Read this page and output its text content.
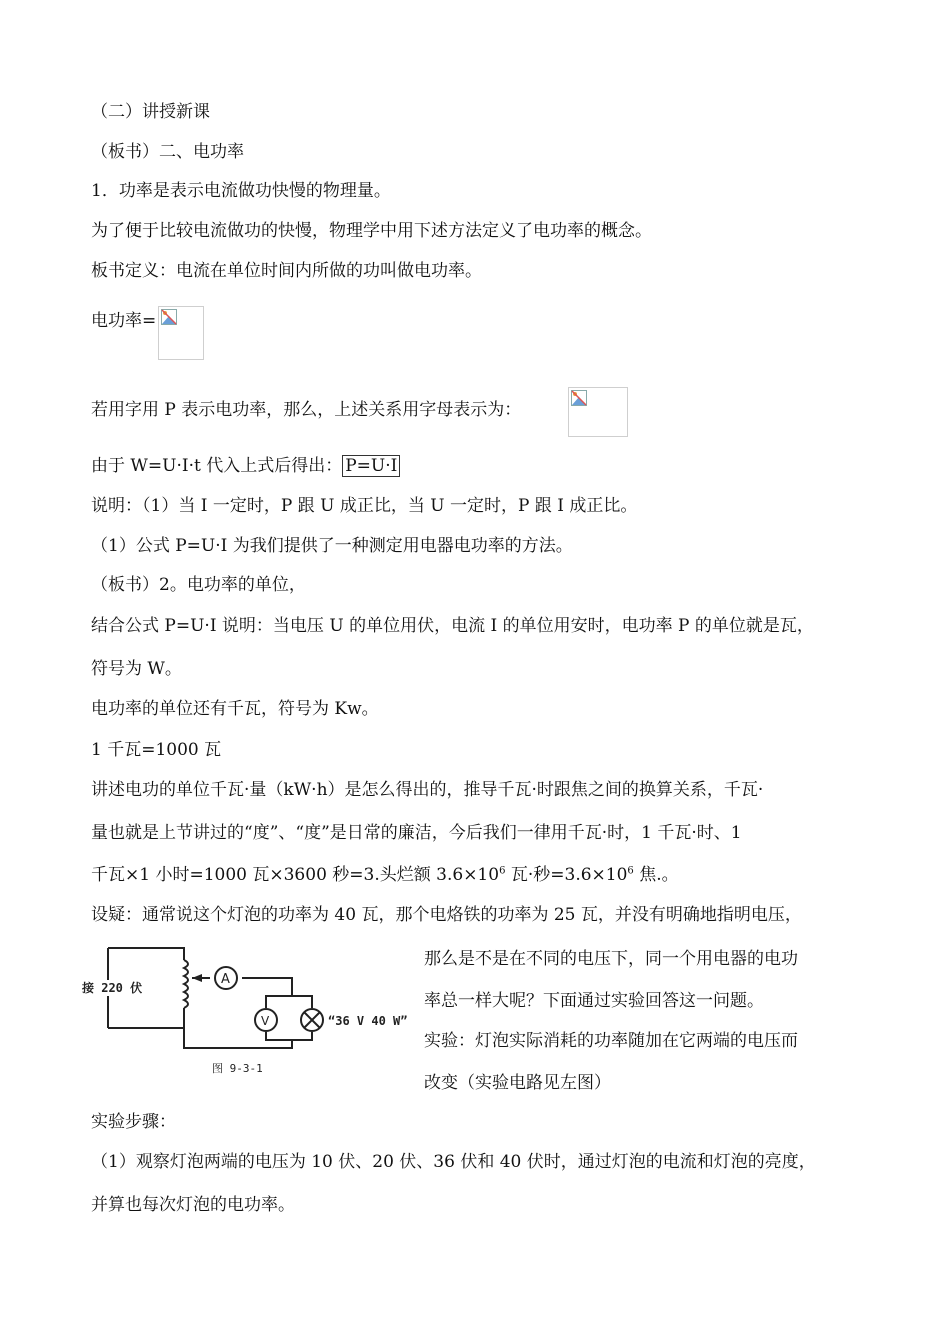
（二）讲授新课
（板书）二、电功率
1．功率是表示电流做功快慢的物理量。
为了便于比较电流做功的快慢，物理学中用下述方法定义了电功率的概念。
板书定义：电流在单位时间内所做的功叫做电功率。
电功率=
若用字用 P 表示电功率，那么，上述关系用字母表示为：
由于 W=U·I·t 代入上式后得出： P=U·I
说明：（1）当 I 一定时，P 跟 U 成正比，当 U 一定时，P 跟 I 成正比。
（1）公式 P=U·I 为我们提供了一种测定用电器电功率的方法。
（板书）2。电功率的单位，
结合公式 P=U·I 说明：当电压 U 的单位用伏，电流 I 的单位用安时，电功率 P 的单位就是瓦，
符号为 W。
电功率的单位还有千瓦，符号为 Kw。
1 千瓦=1000 瓦
讲述电功的单位千瓦·量（kW·h）是怎么得出的，推导千瓦·时跟焦之间的换算关系，千瓦·
量也就是上节讲过的“度”、“度”是日常的廉洁，今后我们一律用千瓦·时，1 千瓦·时、1
千瓦×1 小时=1000 瓦×3600 秒=3.头烂额 $3.6\times 10^6$ 瓦·秒$=3.6\times 10^6$ 焦.。
设疑：通常说这个灯泡的功率为 40 瓦，那个电烙铁的功率为 25 瓦，并没有明确地指明电压，
接 220 伏
A
V	“36 V 40 W”
图 9-3-1
那么是不是在不同的电压下，同一个用电器的电功
率总一样大呢？下面通过实验回答这一问题。
实验：灯泡实际消耗的功率随加在它两端的电压而
改变（实验电路见左图）
实验步骤：
（1）观察灯泡两端的电压为 10 伏、20 伏、36 伏和 40 伏时，通过灯泡的电流和灯泡的亮度，
并算也每次灯泡的电功率。
